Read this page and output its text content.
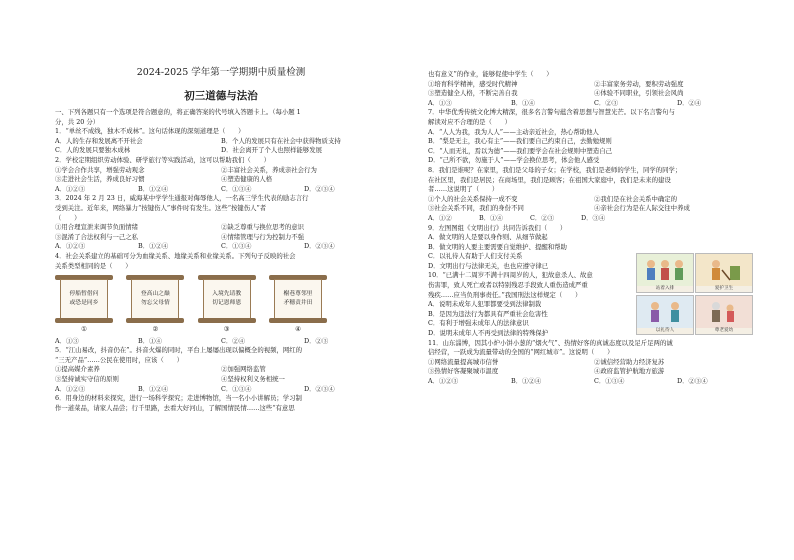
2024-2025 学年第一学期期中质量检测
初三道德与法治
一、下列各题只有一个选项是符合题意的，将正确答案的代号填入答题卡上。（每小题 1
分，共 20 分）
1．“单丝不成线，独木不成林”。这句话体现的深刻道理是（　　）
A．人的生存和发展离不开社会	B．个人的发展只有在社会中获得物质支持
C．人的发展只要独木成林	D．社会离开了个人也照样能够发展
2．学校定期组织劳动体验、研学旅行等实践活动，这可以帮助我们（　　）
①学会合作共享，增强劳动观念	②丰富社会关系，养成亲社会行为
③走进社会生活，养成良好习惯	④塑造健康的人格
A．①②③	B．①②④	C．①③④	D．②③④
3．2024 年 2 月 23 日，威海某中学学生通报对侮辱他人，一名高三学生代表的励志言行
受到关注。近年来，网络暴力“按键伤人”事件时有发生。这些“按键伤人”者
（　　）
①用合理宣泄来调节负面情绪	②缺乏尊重与换位思考的意识
③混淆了合法权利与一己之私	④情绪管理与行为控制力不强
A．①②③	B．①②④	C．①③④	D．②③④
4．社会关系建立的基础可分为血缘关系、地缘关系和业缘关系。下列句子反映的社会
关系类型相同的是（　　）
停船暂借问
或恐是同乡
登高山之巅
勿忘父母情
入境先请教
切记恩师恩
榭巷尊邻里
矛穗责井田
①	②	③	④
A．①③	B．①④	C．②④	D．②③
5．“江山易改，抖音仍在”。抖音火爆的同时，平台上屡屡出现以偏概全的视频，网红的
“三无产品”……公民在使用时，应该（　　）
①提高媒介素养	②加强网络监管
③坚持诚实守信的原则	④坚持权利义务相统一
A．①②③	B．①②④	C．①③④	D．②③④
6．用身边的材料来探究，进行一场科学探究；走进博物馆，当一名小小讲解员；学习制
作一道菜品，请家人品尝；行千里路，去看大好河山，了解国情民情……这些“有意思
也有意义”的作业，能够促使中学生（　　）
①培育科学精神，感受时代精神	②丰富家务劳动，要积劳动强度
③塑造健全人格，不断完善自我	④体验不同职业，引领社会风尚
A．①③	B．①④	C．②③	D．②④
7．中华优秀传统文化博大精深，很多名言警句蕴含着思想与智慧光芒。以下名言警句与
解读对应不合理的是（　　）
A．“人人为我，我为人人”——主动亲近社会，热心帮助他人
B．“梨是无主，我心有主”——我们要自己约束自己，去勤勉规则
C．“人而无礼，焉以为德”——我们要学会在社会规则中塑造自己
D．“己所不欲，勿施于人”——学会换位思考，体会他人感受
8．我们是谁呢？在家里，我们是父母的子女；在学校，我们是老师的学生，同学的同学；
在社区里，我们是居民；在商场里，我们是顾客；在祖国大家庭中，我们是未来的建设
者……这说明了（　　）
①个人的社会关系保持一成不变	②我们是在社会关系中确定的
③社会关系不同，我们的身份不同	④亲社会行为是在人际交往中养成
A．①②	B．①④	C．②③	D．③④
9．左图图组《文明出行》共同告诉我们（　　）
A．做文明的人是要以身作则、从细节做起
B．做文明的人要主要需要自觉维护、提醒和帮助
C．以礼待人有助于人们支付关系
D．文明出行与法律无关，也也应遵守律已
10．“已满十二周岁不满十四周岁的人，犯故意杀人、故意
伤害罪，致人死亡或者以特别残忍手段致人重伤造成严重
残疾……应当负刑事责任。”我国刑法这样规定（　　）
A．说明未成年人犯罪都要受到法律制裁
B．是因为违法行为都具有严重社会危害性
C．有利于增强未成年人的法律意识
D．说明未成年人不再受到法律的特殊保护
11．山东淄博，因其小炉小饼小葱的“烟火气”、热情好客的真诚态度以及足斤足两的诚
信经营，一跃成为流量带动的全国的“网红城市”。这说明（　　）
①网络流量提高城市信誉	②诚信经营助力经济复苏
③热情好客凝聚城市温度	④政府监管护航地方旅游
A．①②③	B．①②④	C．①③④	D．②③④
站着入排	爱护卫生
以礼待人	尊老爱幼
